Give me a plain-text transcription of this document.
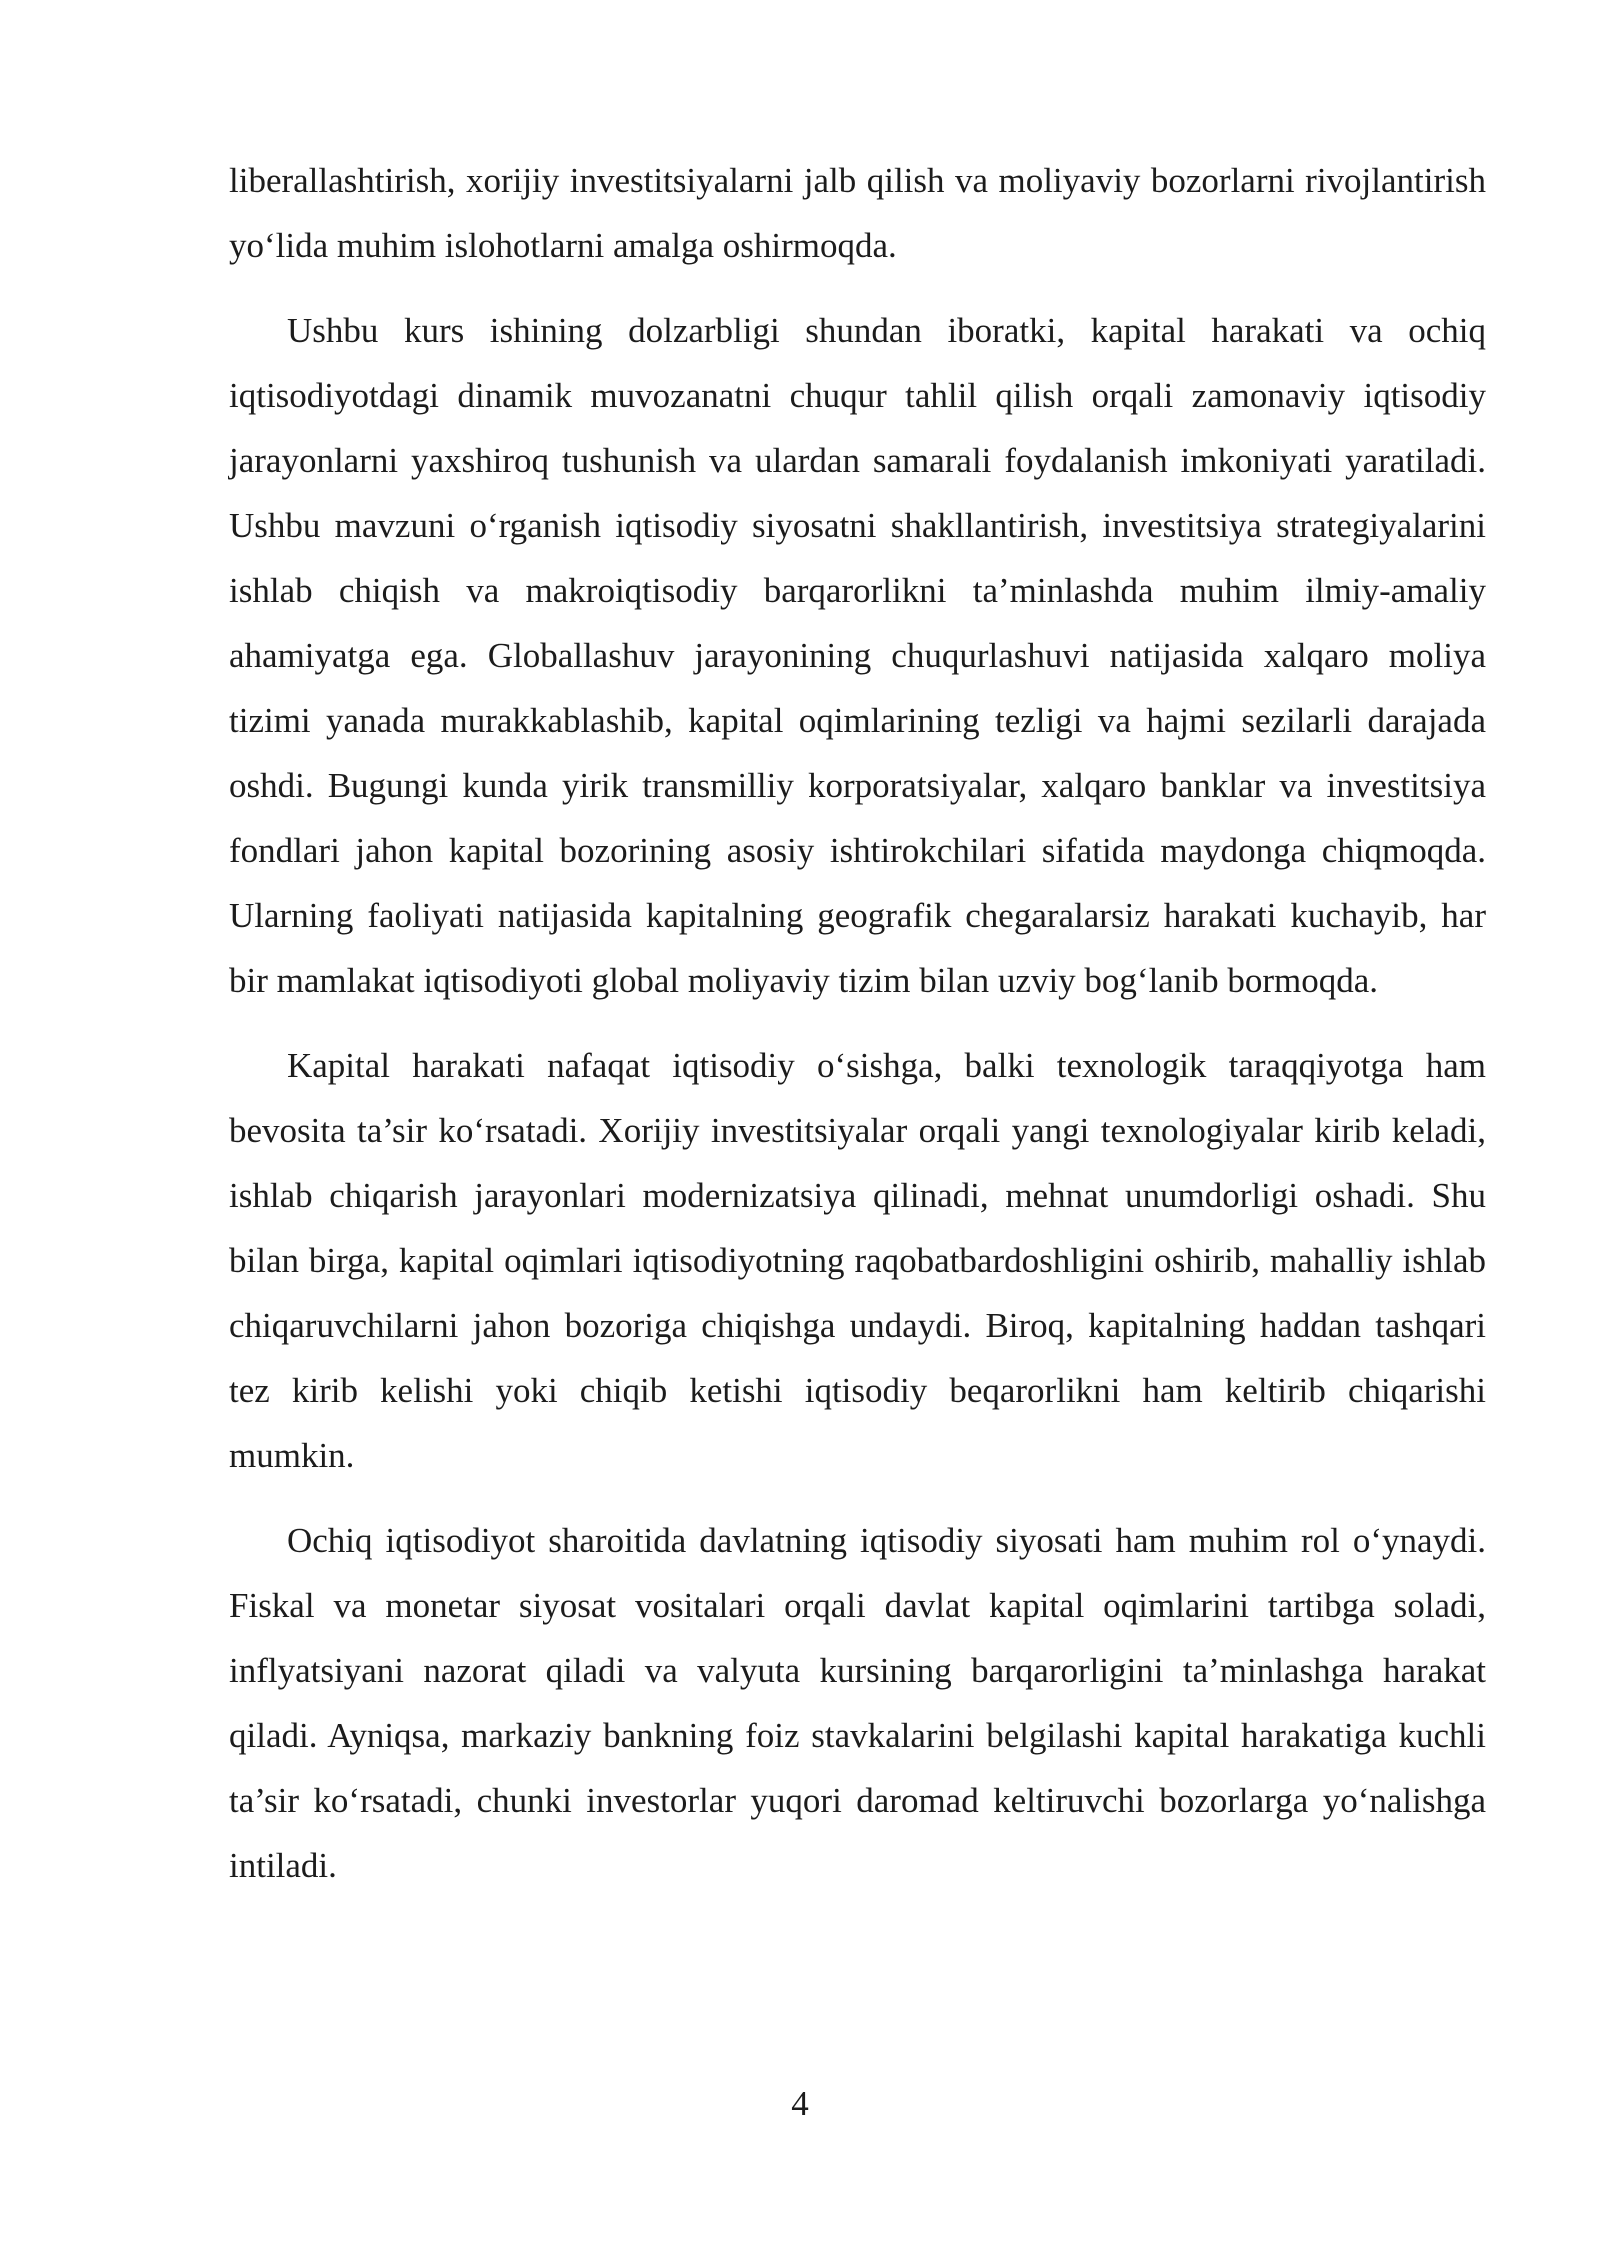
liberallashtirish, xorijiy investitsiyalarni jalb qilish va moliyaviy bozorlarni rivojlantirish yo‘lida muhim islohotlarni amalga oshirmoqda.

Ushbu kurs ishining dolzarbligi shundan iboratki, kapital harakati va ochiq iqtisodiyotdagi dinamik muvozanatni chuqur tahlil qilish orqali zamonaviy iqtisodiy jarayonlarni yaxshiroq tushunish va ulardan samarali foydalanish imkoniyati yaratiladi. Ushbu mavzuni o‘rganish iqtisodiy siyosatni shakllantirish, investitsiya strategiyalarini ishlab chiqish va makroiqtisodiy barqarorlikni ta’minlashda muhim ilmiy-amaliy ahamiyatga ega. Globallashuv jarayonining chuqurlashuvi natijasida xalqaro moliya tizimi yanada murakkablashib, kapital oqimlarining tezligi va hajmi sezilarli darajada oshdi. Bugungi kunda yirik transmilliy korporatsiyalar, xalqaro banklar va investitsiya fondlari jahon kapital bozorining asosiy ishtirokchilari sifatida maydonga chiqmoqda. Ularning faoliyati natijasida kapitalning geografik chegaralarsiz harakati kuchayib, har bir mamlakat iqtisodiyoti global moliyaviy tizim bilan uzviy bog‘lanib bormoqda.

Kapital harakati nafaqat iqtisodiy o‘sishga, balki texnologik taraqqiyotga ham bevosita ta’sir ko‘rsatadi. Xorijiy investitsiyalar orqali yangi texnologiyalar kirib keladi, ishlab chiqarish jarayonlari modernizatsiya qilinadi, mehnat unumdorligi oshadi. Shu bilan birga, kapital oqimlari iqtisodiyotning raqobatbardoshligini oshirib, mahalliy ishlab chiqaruvchilarni jahon bozoriga chiqishga undaydi. Biroq, kapitalning haddan tashqari tez kirib kelishi yoki chiqib ketishi iqtisodiy beqarorlikni ham keltirib chiqarishi mumkin.

Ochiq iqtisodiyot sharoitida davlatning iqtisodiy siyosati ham muhim rol o‘ynaydi. Fiskal va monetar siyosat vositalari orqali davlat kapital oqimlarini tartibga soladi, inflyatsiyani nazorat qiladi va valyuta kursining barqarorligini ta’minlashga harakat qiladi. Ayniqsa, markaziy bankning foiz stavkalarini belgilashi kapital harakatiga kuchli ta’sir ko‘rsatadi, chunki investorlar yuqori daromad keltiruvchi bozorlarga yo‘nalishga intiladi.

4
